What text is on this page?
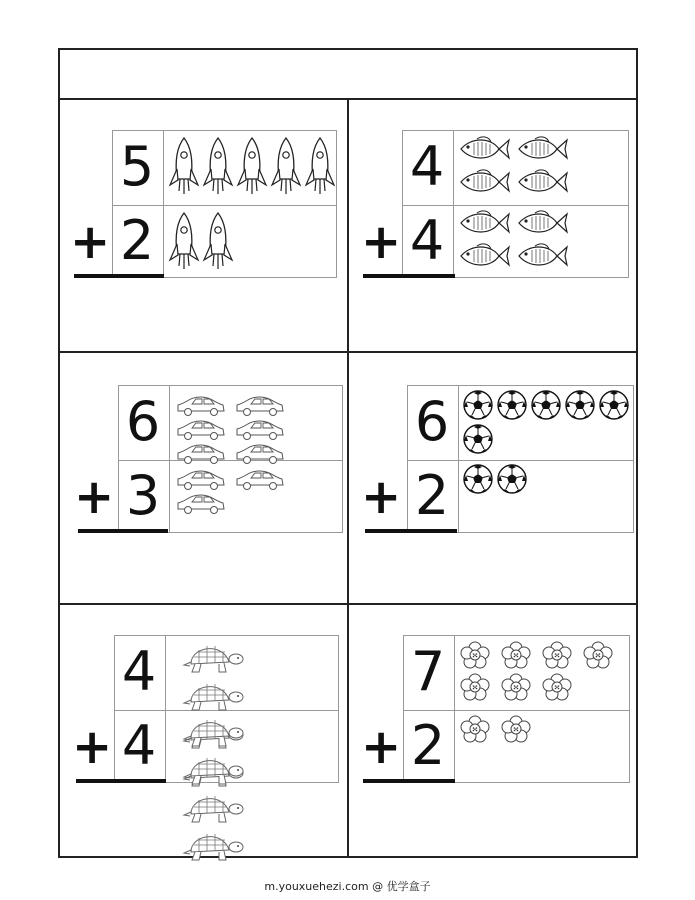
5
2
+
4
4
+
6
3
+
6
2
+
4
4
+
7
2
+
m.youxuehezi.com @ 优学盒子
